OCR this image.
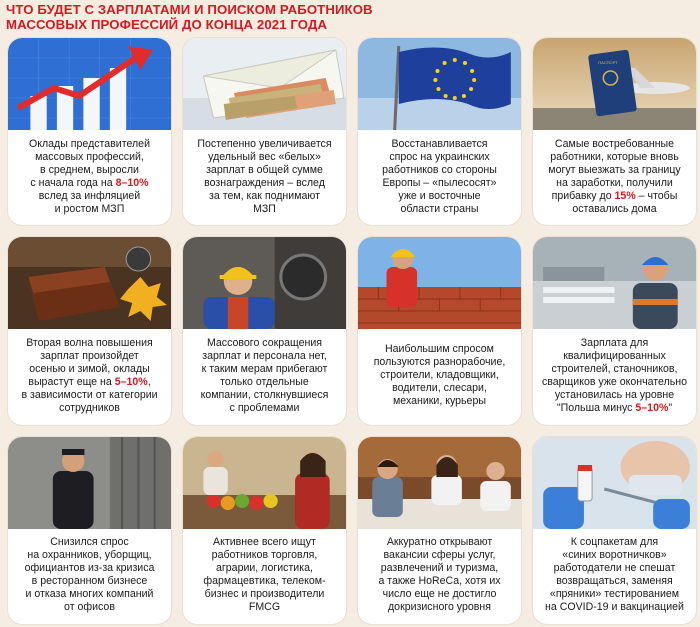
ЧТО БУДЕТ С ЗАРПЛАТАМИ И ПОИСКОМ РАБОТНИКОВ
МАССОВЫХ ПРОФЕССИЙ ДО КОНЦА 2021 ГОДА
Оклады представителей
массовых профессий,
в среднем, выросли
с начала года на 8–10%
вслед за инфляцией
и ростом МЗП
Постепенно увеличивается
удельный вес «белых»
зарплат в общей сумме
вознаграждения – вслед
за тем, как поднимают
МЗП
Восстанавливается
спрос на украинских
работников со стороны
Европы – «пылесосят»
уже и восточные
области страны
ПАСПОРТ
Самые востребованные
работники, которые вновь
могут выезжать за границу
на заработки, получили
прибавку до 15% – чтобы
оставались дома
Вторая волна повышения
зарплат произойдет
осенью и зимой, оклады
вырастут еще на 5–10%,
в зависимости от категории
сотрудников
Массового сокращения
зарплат и персонала нет,
к таким мерам прибегают
только отдельные
компании, столкнувшиеся
с проблемами
Наибольшим спросом
пользуются разнорабочие,
строители, кладовщики,
водители, слесари,
механики, курьеры
Зарплата для
квалифицированных
строителей, станочников,
сварщиков уже окончательно
установилась на уровне
"Польша минус 5–10%"
Снизился спрос
на охранников, уборщиц,
официантов из-за кризиса
в ресторанном бизнесе
и отказа многих компаний
от офисов
Активнее всего ищут
работников торговля,
аграрии, логистика,
фармацевтика, телеком-
бизнес и производители
FMCG
Аккуратно открывают
вакансии сферы услуг,
развлечений и туризма,
а также HoReCa, хотя их
число еще не достигло
докризисного уровня
К соцпакетам для
«синих воротничков»
работодатели не спешат
возвращаться, заменяя
«пряники» тестированием
на COVID-19 и вакцинацией
